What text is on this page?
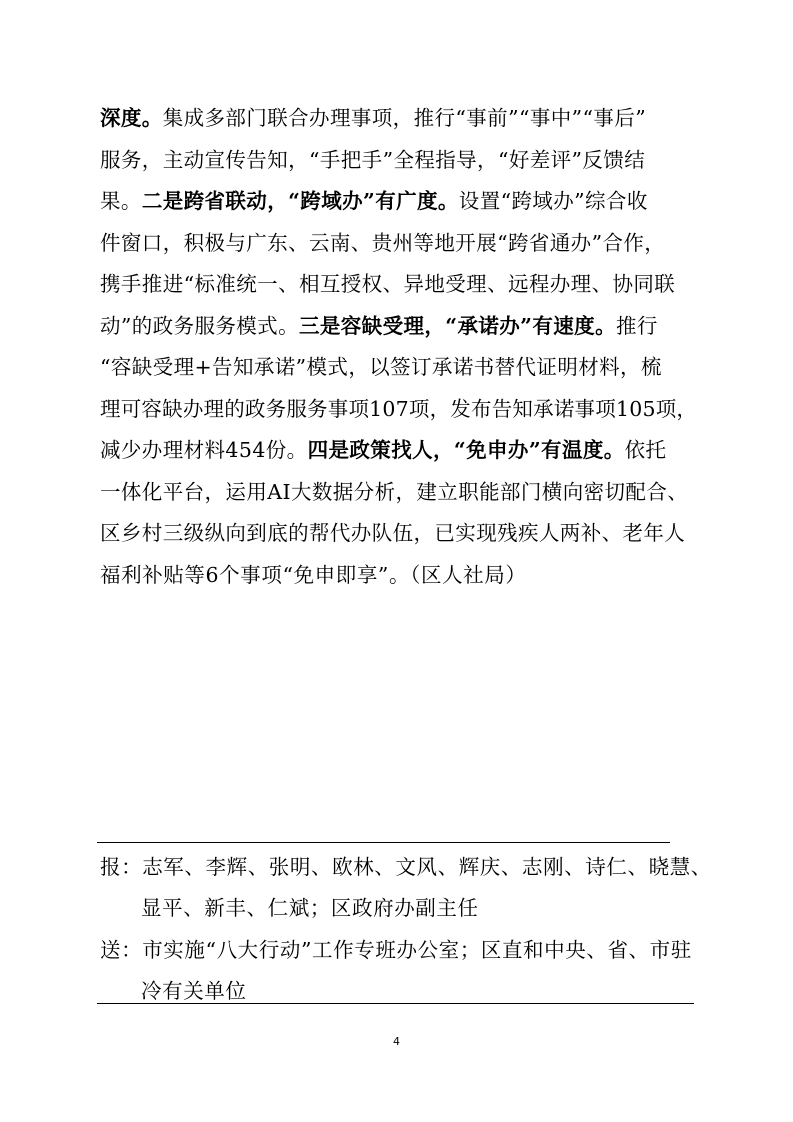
深度。集成多部门联合办理事项，推行“事前”“事中”“事后”
服务，主动宣传告知，“手把手”全程指导，“好差评”反馈结
果。二是跨省联动，“跨域办”有广度。设置“跨域办”综合收
件窗口，积极与广东、云南、贵州等地开展“跨省通办”合作，
携手推进“标准统一、相互授权、异地受理、远程办理、协同联
动”的政务服务模式。三是容缺受理，“承诺办”有速度。推行
“容缺受理+告知承诺”模式，以签订承诺书替代证明材料，梳
理可容缺办理的政务服务事项107项，发布告知承诺事项105项，
减少办理材料454份。四是政策找人，“免申办”有温度。依托
一体化平台，运用AI大数据分析，建立职能部门横向密切配合、
区乡村三级纵向到底的帮代办队伍，已实现残疾人两补、老年人
福利补贴等6个事项“免申即享”。（区人社局）
报：志军、李辉、张明、欧林、文风、辉庆、志刚、诗仁、晓慧、
显平、新丰、仁斌；区政府办副主任
送：市实施“八大行动”工作专班办公室；区直和中央、省、市驻
冷有关单位
4
